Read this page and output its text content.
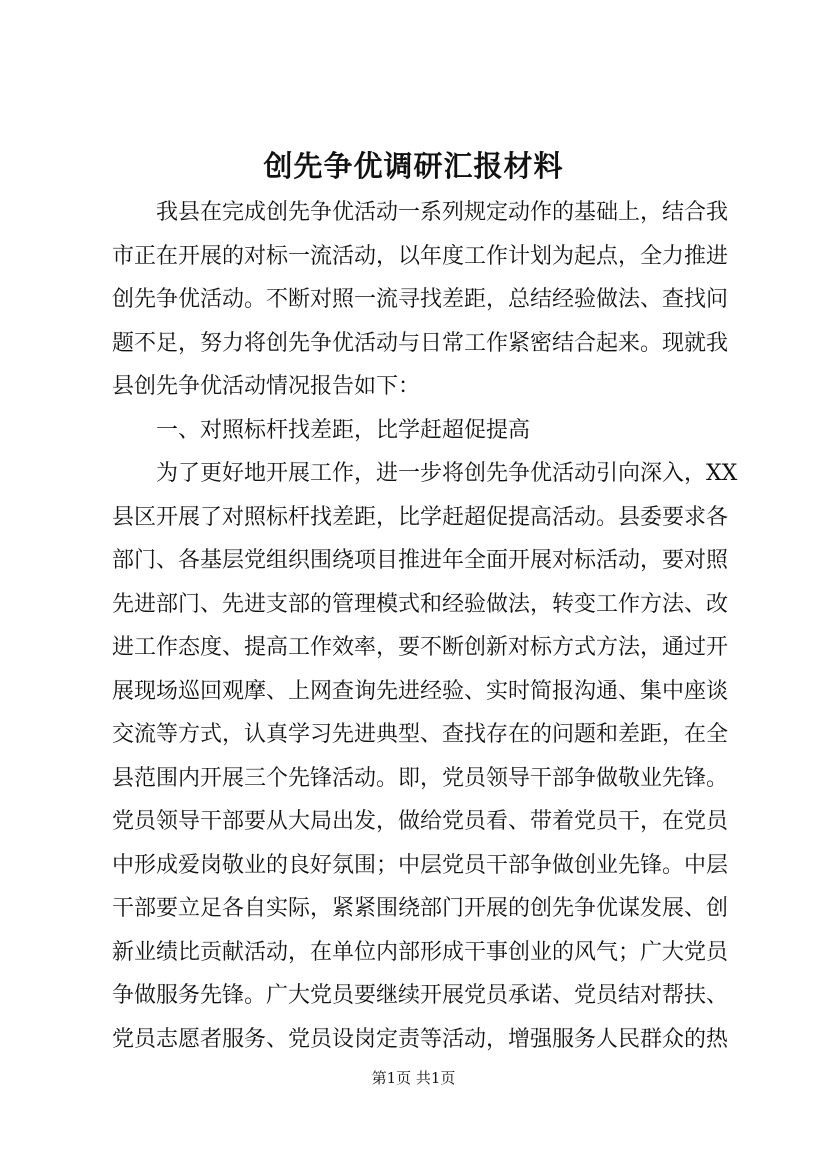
创先争优调研汇报材料
我县在完成创先争优活动一系列规定动作的基础上，结合我
市正在开展的对标一流活动，以年度工作计划为起点，全力推进
创先争优活动。不断对照一流寻找差距，总结经验做法、查找问
题不足，努力将创先争优活动与日常工作紧密结合起来。现就我
县创先争优活动情况报告如下：
一、对照标杆找差距，比学赶超促提高
为了更好地开展工作，进一步将创先争优活动引向深入，XX
县区开展了对照标杆找差距，比学赶超促提高活动。县委要求各
部门、各基层党组织围绕项目推进年全面开展对标活动，要对照
先进部门、先进支部的管理模式和经验做法，转变工作方法、改
进工作态度、提高工作效率，要不断创新对标方式方法，通过开
展现场巡回观摩、上网查询先进经验、实时简报沟通、集中座谈
交流等方式，认真学习先进典型、查找存在的问题和差距，在全
县范围内开展三个先锋活动。即，党员领导干部争做敬业先锋。
党员领导干部要从大局出发，做给党员看、带着党员干，在党员
中形成爱岗敬业的良好氛围；中层党员干部争做创业先锋。中层
干部要立足各自实际，紧紧围绕部门开展的创先争优谋发展、创
新业绩比贡献活动，在单位内部形成干事创业的风气；广大党员
争做服务先锋。广大党员要继续开展党员承诺、党员结对帮扶、
党员志愿者服务、党员设岗定责等活动，增强服务人民群众的热
第1页 共1页
